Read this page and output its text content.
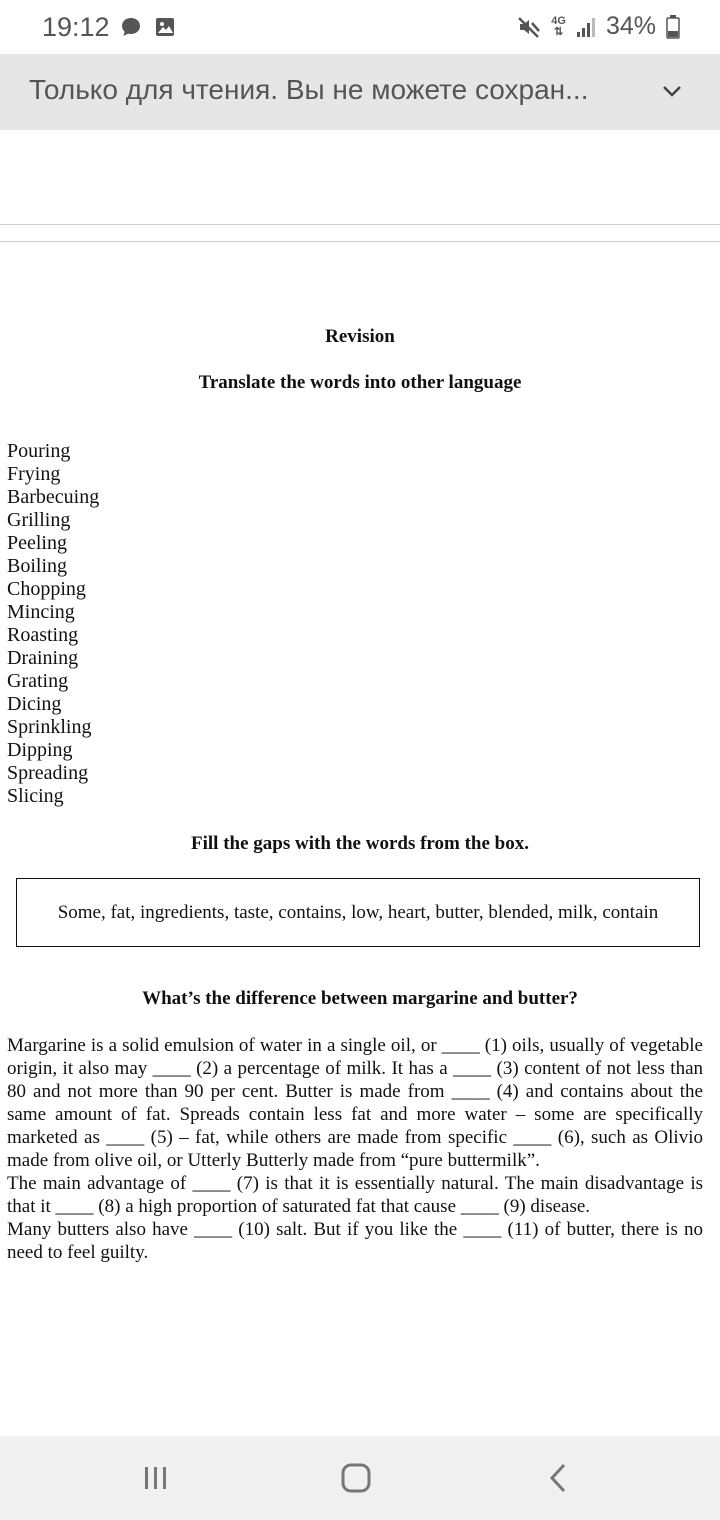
19:12	4G
⇅ 34%
Только для чтения. Вы не можете сохран...
Revision
Translate the words into other language
Pouring
Frying
Barbecuing
Grilling
Peeling
Boiling
Chopping
Mincing
Roasting
Draining
Grating
Dicing
Sprinkling
Dipping
Spreading
Slicing
Fill the gaps with the words from the box.
Some, fat, ingredients, taste, contains, low, heart, butter, blended, milk, contain
What’s the difference between margarine and butter?

Margarine is a solid emulsion of water in a single oil, or ____ (1) oils, usually of vegetable origin, it also may ____ (2) a percentage of milk. It has a ____ (3) content of not less than 80 and not more than 90 per cent. Butter is made from ____ (4) and contains about the same amount of fat. Spreads contain less fat and more water – some are specifically marketed as ____ (5) – fat, while others are made from specific ____ (6), such as Olivio made from olive oil, or Utterly Butterly made from “pure buttermilk”.

The main advantage of ____ (7) is that it is essentially natural. The main disadvantage is that it ____ (8) a high proportion of saturated fat that cause ____ (9) disease.

Many butters also have ____ (10) salt. But if you like the ____ (11) of butter, there is no need to feel guilty.
